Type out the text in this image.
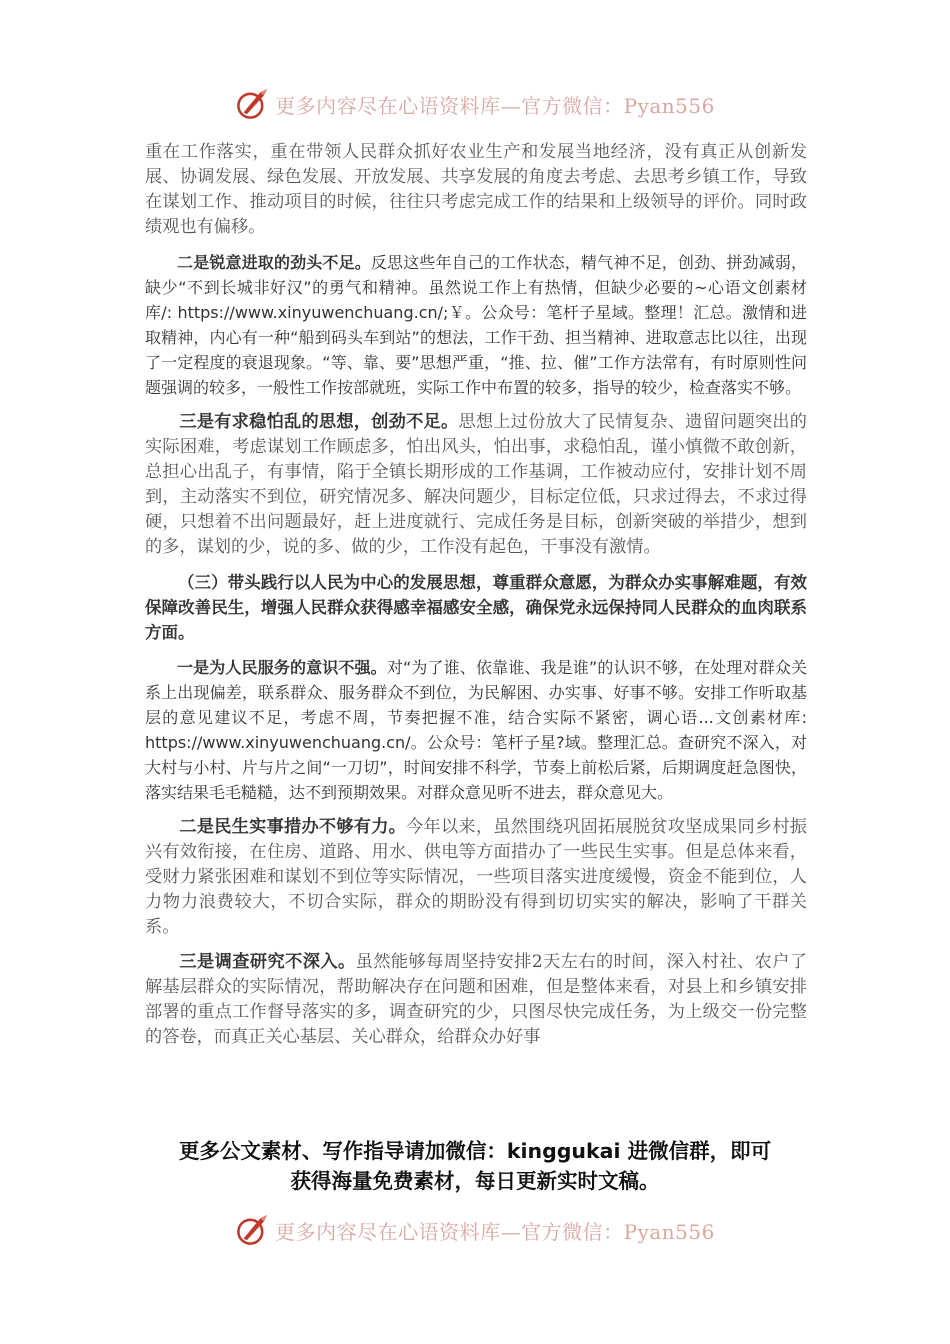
更多内容尽在心语资料库—官方微信：Pyan556

重在工作落实，重在带领人民群众抓好农业生产和发展当地经济，没有真正从创新发展、协调发展、绿色发展、开放发展、共享发展的角度去考虑、去思考乡镇工作，导致在谋划工作、推动项目的时候，往往只考虑完成工作的结果和上级领导的评价。同时政绩观也有偏移。

二是锐意进取的劲头不足。反思这些年自己的工作状态，精气神不足，创劲、拼劲减弱，缺少“不到长城非好汉”的勇气和精神。虽然说工作上有热情，但缺少必要的~心语文创素材库/: https://www.xinyuwenchuang.cn/;￥。公众号：笔杆子星域。整理！汇总。激情和进取精神，内心有一种“船到码头车到站”的想法，工作干劲、担当精神、进取意志比以往，出现了一定程度的衰退现象。“等、靠、要”思想严重，“推、拉、催”工作方法常有，有时原则性问题强调的较多，一般性工作按部就班，实际工作中布置的较多，指导的较少，检查落实不够。

三是有求稳怕乱的思想，创劲不足。思想上过份放大了民情复杂、遗留问题突出的实际困难，考虑谋划工作顾虑多，怕出风头，怕出事，求稳怕乱，谨小慎微不敢创新，总担心出乱子，有事情，陷于全镇长期形成的工作基调，工作被动应付，安排计划不周到，主动落实不到位，研究情况多、解决问题少，目标定位低，只求过得去，不求过得硬，只想着不出问题最好，赶上进度就行、完成任务是目标，创新突破的举措少，想到的多，谋划的少，说的多、做的少，工作没有起色，干事没有激情。

（三）带头践行以人民为中心的发展思想，尊重群众意愿，为群众办实事解难题，有效保障改善民生，增强人民群众获得感幸福感安全感，确保党永远保持同人民群众的血肉联系方面。

一是为人民服务的意识不强。对“为了谁、依靠谁、我是谁”的认识不够，在处理对群众关系上出现偏差，联系群众、服务群众不到位，为民解困、办实事、好事不够。安排工作听取基层的意见建议不足，考虑不周，节奏把握不准，结合实际不紧密，调心语...文创素材库: https://www.xinyuwenchuang.cn/。公众号：笔杆子星?域。整理汇总。查研究不深入，对大村与小村、片与片之间“一刀切”，时间安排不科学，节奏上前松后紧，后期调度赶急图快，落实结果毛毛糙糙，达不到预期效果。对群众意见听不进去，群众意见大。

二是民生实事措办不够有力。今年以来，虽然围绕巩固拓展脱贫攻坚成果同乡村振兴有效衔接，在住房、道路、用水、供电等方面措办了一些民生实事。但是总体来看，受财力紧张困难和谋划不到位等实际情况，一些项目落实进度缓慢，资金不能到位，人力物力浪费较大，不切合实际，群众的期盼没有得到切切实实的解决，影响了干群关系。

三是调查研究不深入。虽然能够每周坚持安排2天左右的时间，深入村社、农户了解基层群众的实际情况，帮助解决存在问题和困难，但是整体来看，对县上和乡镇安排部署的重点工作督导落实的多，调查研究的少，只图尽快完成任务，为上级交一份完整的答卷，而真正关心基层、关心群众，给群众办好事

更多公文素材、写作指导请加微信：kinggukai 进微信群，即可
获得海量免费素材，每日更新实时文稿。
更多内容尽在心语资料库—官方微信：Pyan556
